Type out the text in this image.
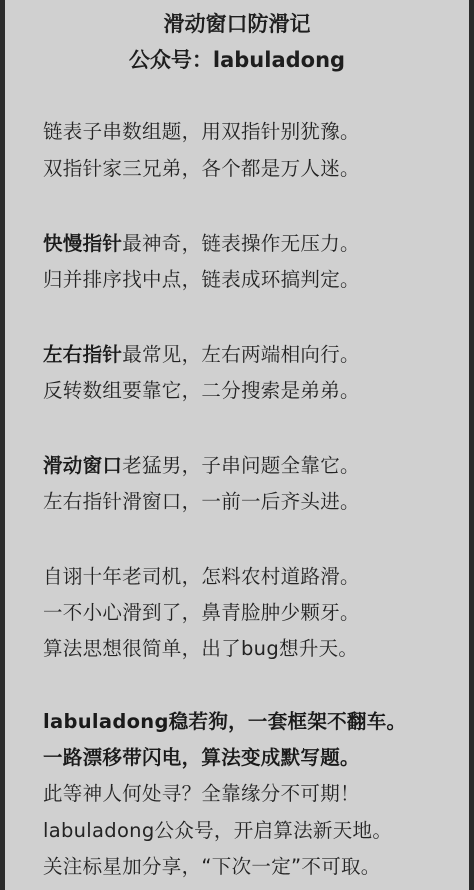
滑动窗口防滑记
公众号：labuladong
链表子串数组题，用双指针别犹豫。
双指针家三兄弟，各个都是万人迷。
快慢指针最神奇，链表操作无压力。
归并排序找中点，链表成环搞判定。
左右指针最常见，左右两端相向行。
反转数组要靠它，二分搜索是弟弟。
滑动窗口老猛男，子串问题全靠它。
左右指针滑窗口，一前一后齐头进。
自诩十年老司机，怎料农村道路滑。
一不小心滑到了，鼻青脸肿少颗牙。
算法思想很简单，出了bug想升天。
labuladong稳若狗，一套框架不翻车。
一路漂移带闪电，算法变成默写题。
此等神人何处寻？全靠缘分不可期！
labuladong公众号，开启算法新天地。
关注标星加分享，“下次一定”不可取。
